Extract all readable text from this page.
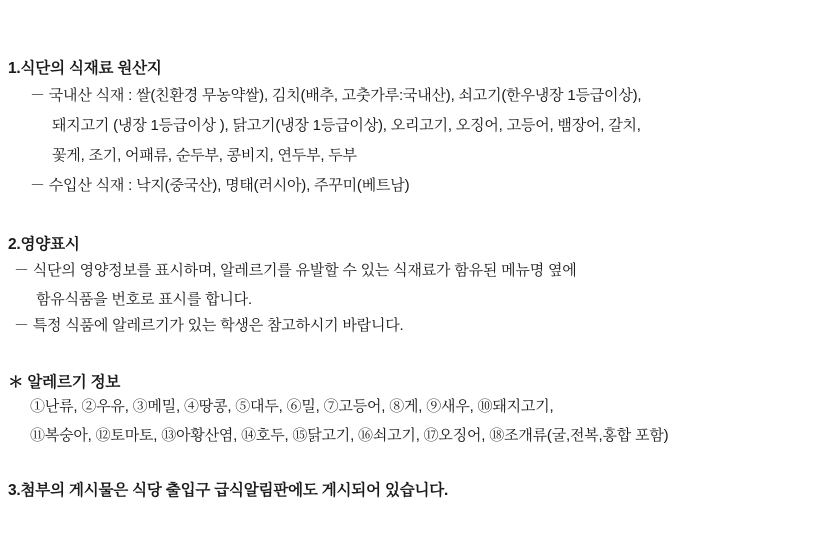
1.식단의 식재료 원산지
－ 국내산 식재 : 쌀(친환경 무농약쌀), 김치(배추, 고춧가루:국내산), 쇠고기(한우냉장 1등급이상),
돼지고기 (냉장 1등급이상 ), 닭고기(냉장 1등급이상), 오리고기, 오징어, 고등어, 뱀장어, 갈치,
꽃게, 조기, 어패류, 순두부, 콩비지, 연두부, 두부
－ 수입산 식재 : 낙지(중국산), 명태(러시아), 주꾸미(베트남)
2.영양표시
－ 식단의 영양정보를 표시하며, 알레르기를 유발할 수 있는 식재료가 함유된 메뉴명 옆에
함유식품을 번호로 표시를 합니다.
－ 특정 식품에 알레르기가 있는 학생은 참고하시기 바랍니다.
＊ 알레르기 정보
①난류, ②우유, ③메밀, ④땅콩, ⑤대두, ⑥밀, ⑦고등어, ⑧게, ⑨새우, ⑩돼지고기,
⑪복숭아, ⑫토마토, ⑬아황산염, ⑭호두, ⑮닭고기, ⑯쇠고기, ⑰오징어, ⑱조개류(굴,전복,홍합 포함)
3.첨부의 게시물은 식당 출입구 급식알림판에도 게시되어 있습니다.
